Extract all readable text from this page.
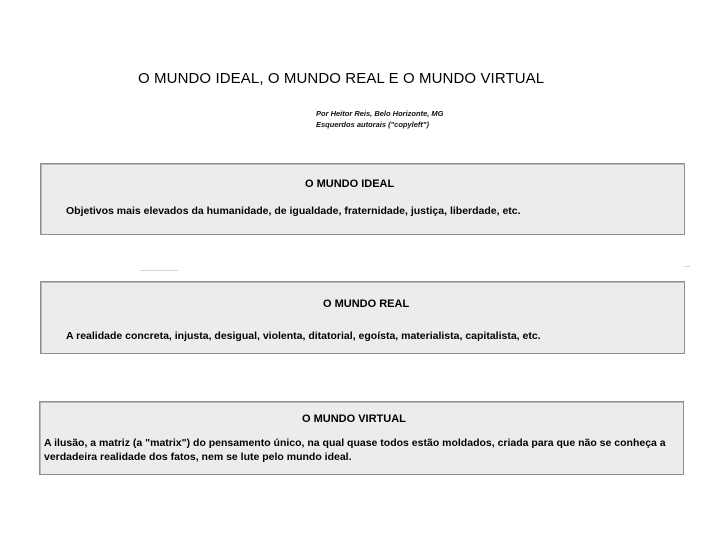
O MUNDO IDEAL, O MUNDO REAL E O MUNDO VIRTUAL
Por Heitor Reis, Belo Horizonte, MG
Esquerdos autorais ("copyleft")
O MUNDO IDEAL
Objetivos mais elevados da humanidade, de igualdade, fraternidade, justiça, liberdade, etc.
O MUNDO REAL
A realidade concreta, injusta, desigual, violenta, ditatorial, egoísta, materialista, capitalista, etc.
O MUNDO VIRTUAL
A ilusão, a matriz (a "matrix") do pensamento único, na qual quase todos estão moldados, criada para que não se conheça a verdadeira realidade dos fatos, nem se lute pelo mundo ideal.
